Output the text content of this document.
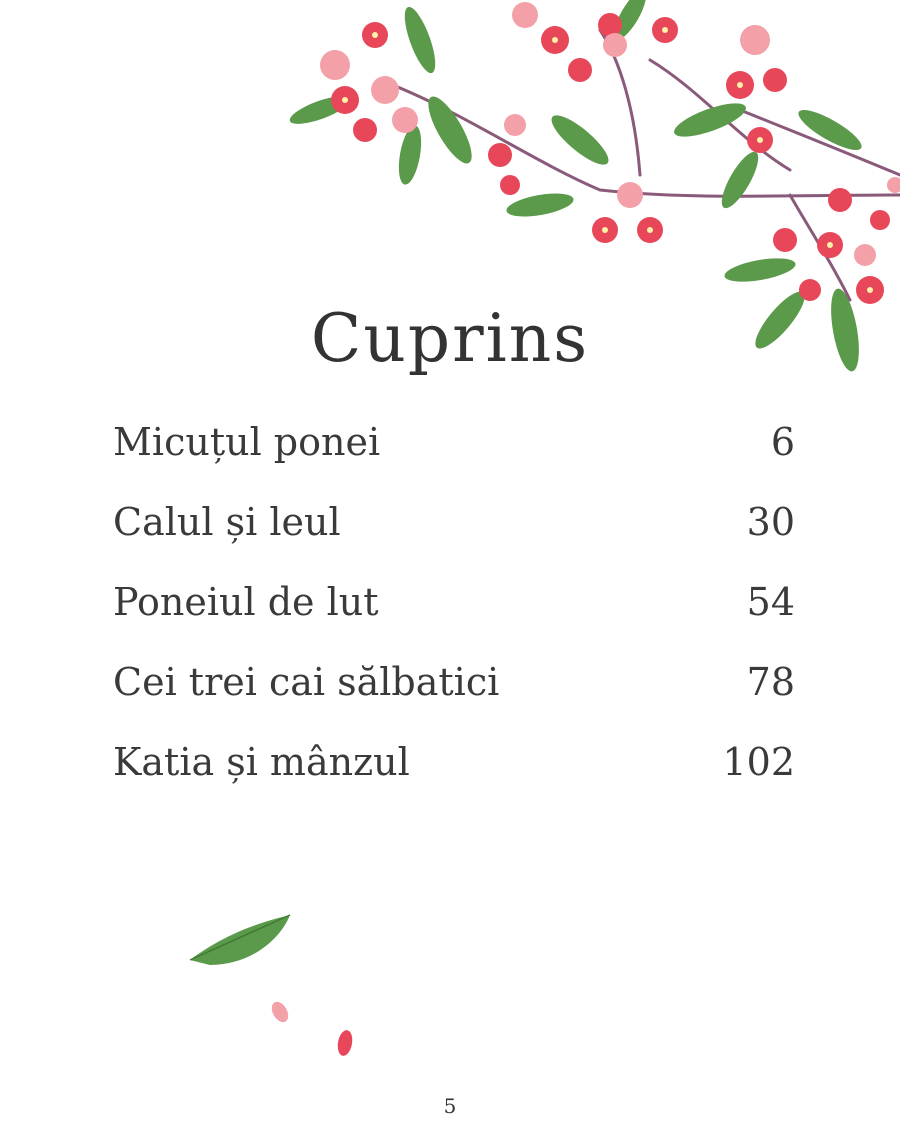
Cuprins
Micuțul ponei	6
Calul și leul	30
Poneiul de lut	54
Cei trei cai sălbatici	78
Katia și mânzul	102
5
